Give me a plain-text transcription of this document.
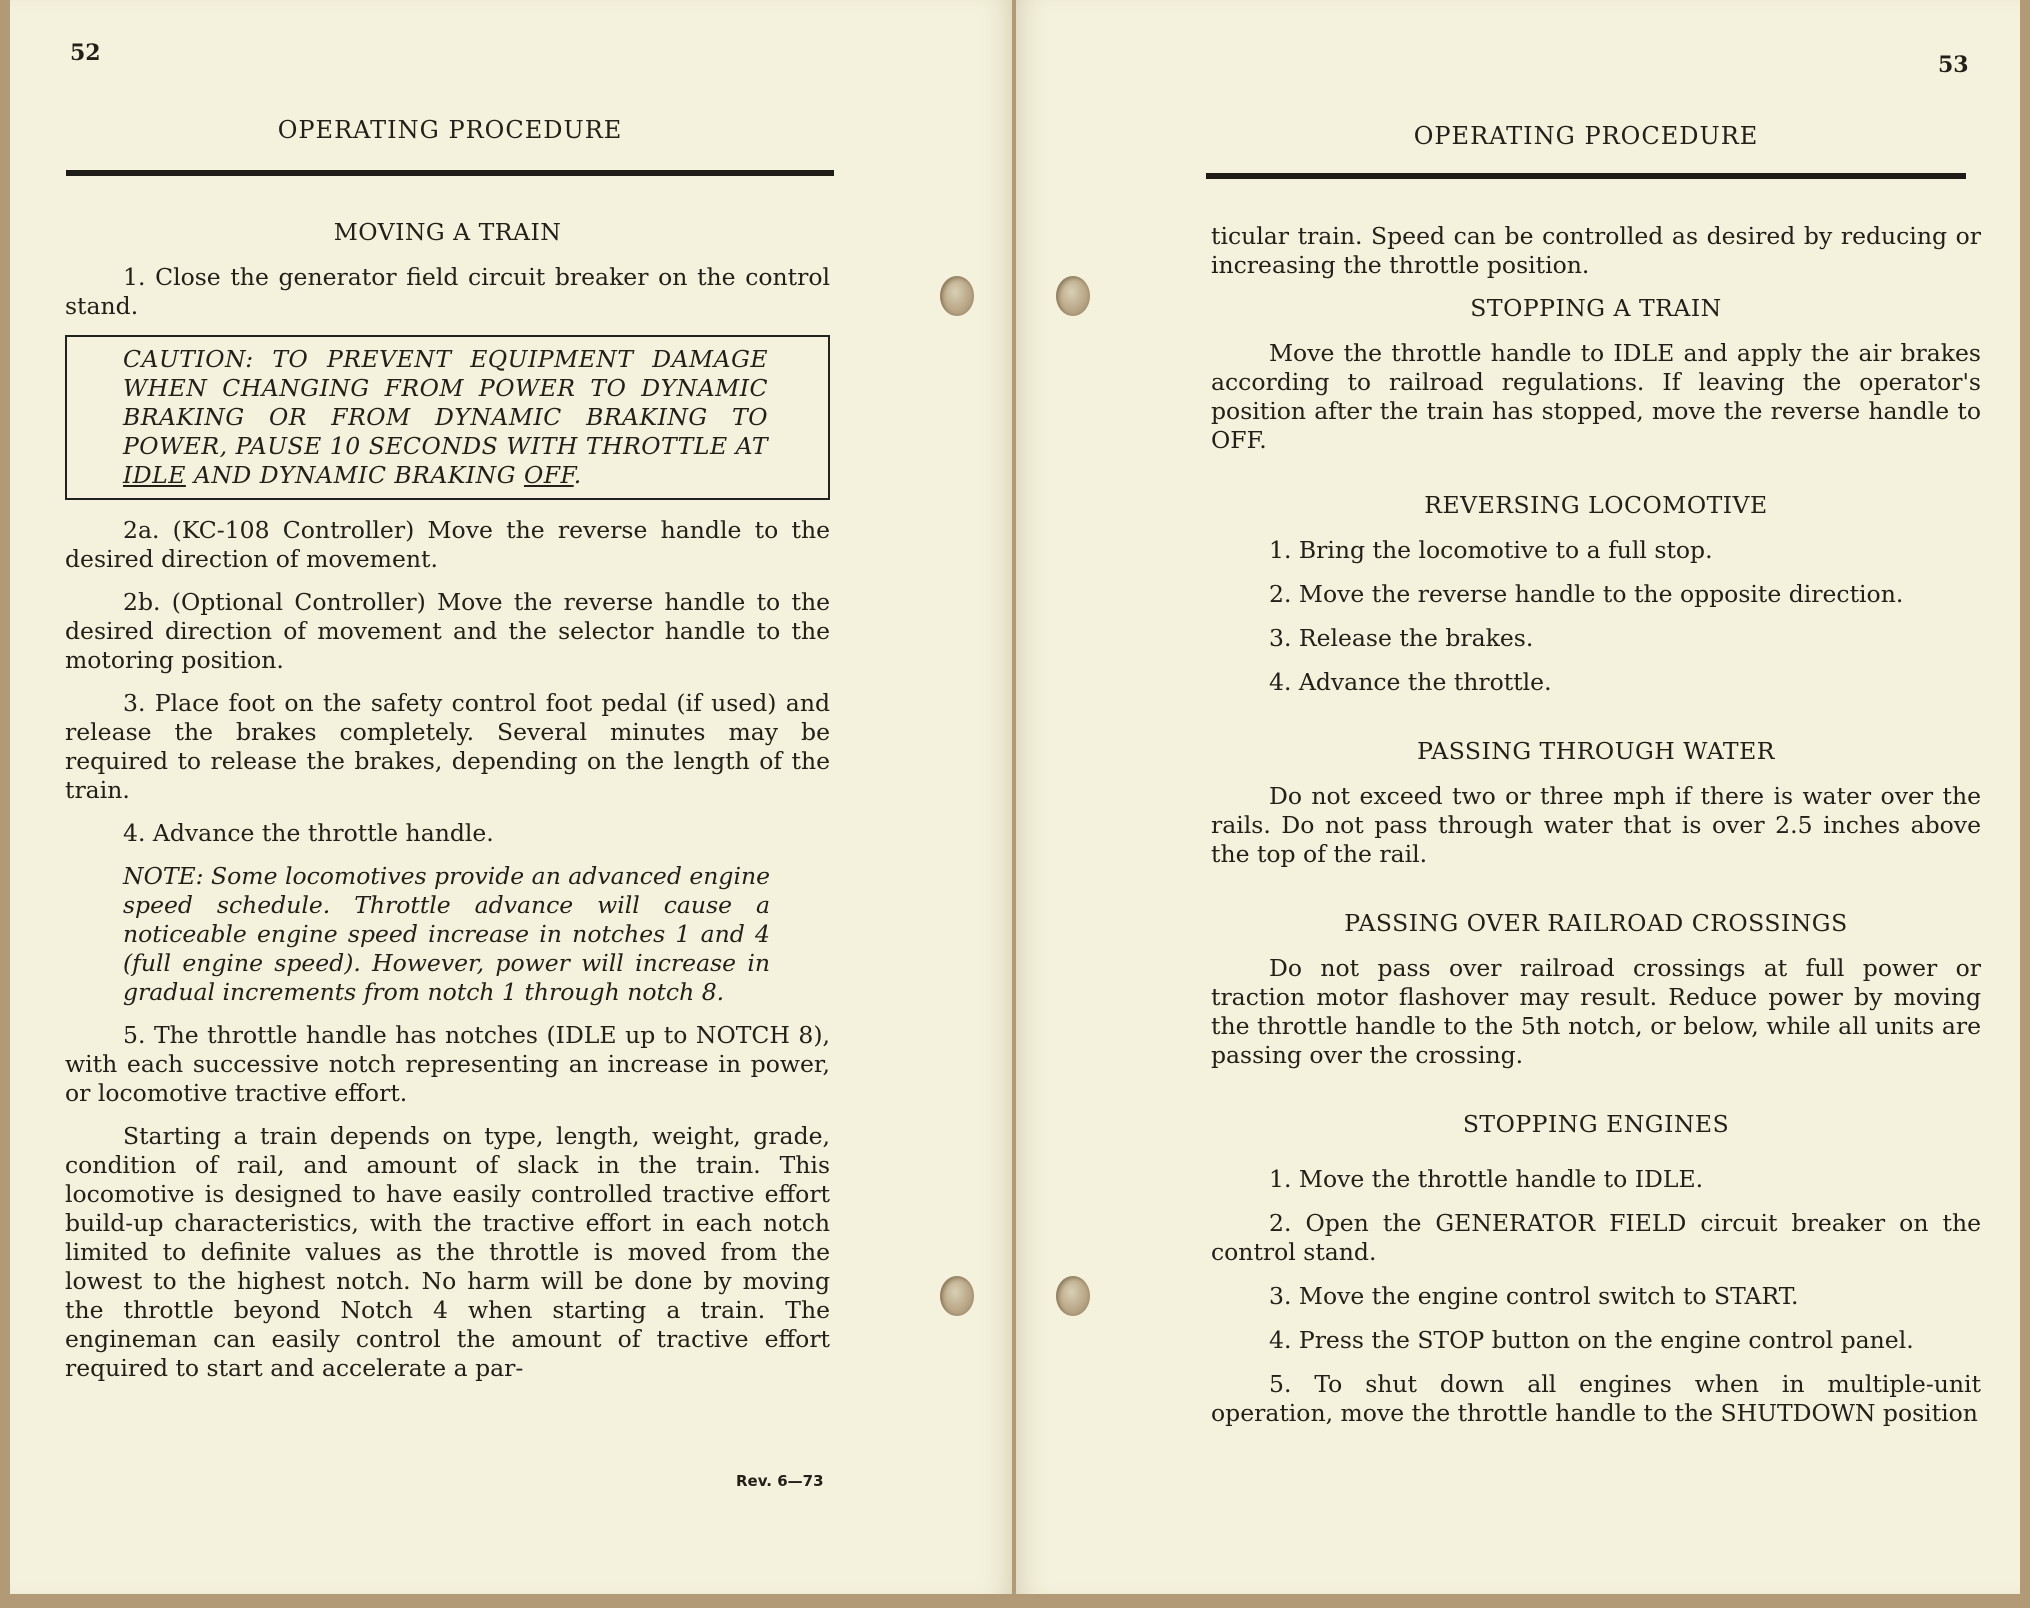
52
OPERATING PROCEDURE
MOVING A TRAIN

1. Close the generator field circuit breaker on the control stand.

CAUTION: TO PREVENT EQUIPMENT DAMAGE WHEN CHANGING FROM POWER TO DYNAMIC BRAKING OR FROM DYNAMIC BRAKING TO POWER, PAUSE 10 SECONDS WITH THROTTLE AT IDLE AND DYNAMIC BRAKING OFF.

2a. (KC-108 Controller) Move the reverse handle to the desired direction of movement.

2b. (Optional Controller) Move the reverse handle to the desired direction of movement and the selector handle to the motoring position.

3. Place foot on the safety control foot pedal (if used) and release the brakes completely. Several minutes may be required to release the brakes, depending on the length of the train.

4. Advance the throttle handle.

NOTE: Some locomotives provide an advanced engine speed schedule. Throttle advance will cause a noticeable engine speed increase in notches 1 and 4 (full engine speed). However, power will increase in gradual increments from notch 1 through notch 8.

5. The throttle handle has notches (IDLE up to NOTCH 8), with each successive notch representing an increase in power, or locomotive tractive effort.

Starting a train depends on type, length, weight, grade, condition of rail, and amount of slack in the train. This locomotive is designed to have easily controlled tractive effort build-up characteristics, with the tractive effort in each notch limited to definite values as the throttle is moved from the lowest to the highest notch. No harm will be done by moving the throttle beyond Notch 4 when starting a train. The engineman can easily control the amount of tractive effort required to start and accelerate a par-

Rev. 6—73
53
OPERATING PROCEDURE

ticular train. Speed can be controlled as desired by reducing or increasing the throttle position.

STOPPING A TRAIN

Move the throttle handle to IDLE and apply the air brakes according to railroad regulations. If leaving the operator's position after the train has stopped, move the reverse handle to OFF.

REVERSING LOCOMOTIVE

1. Bring the locomotive to a full stop.

2. Move the reverse handle to the opposite direction.

3. Release the brakes.

4. Advance the throttle.

PASSING THROUGH WATER

Do not exceed two or three mph if there is water over the rails. Do not pass through water that is over 2.5 inches above the top of the rail.

PASSING OVER RAILROAD CROSSINGS

Do not pass over railroad crossings at full power or traction motor flashover may result. Reduce power by moving the throttle handle to the 5th notch, or below, while all units are passing over the crossing.

STOPPING ENGINES

1. Move the throttle handle to IDLE.

2. Open the GENERATOR FIELD circuit breaker on the control stand.

3. Move the engine control switch to START.

4. Press the STOP button on the engine control panel.

5. To shut down all engines when in multiple-unit operation, move the throttle handle to the SHUTDOWN position
